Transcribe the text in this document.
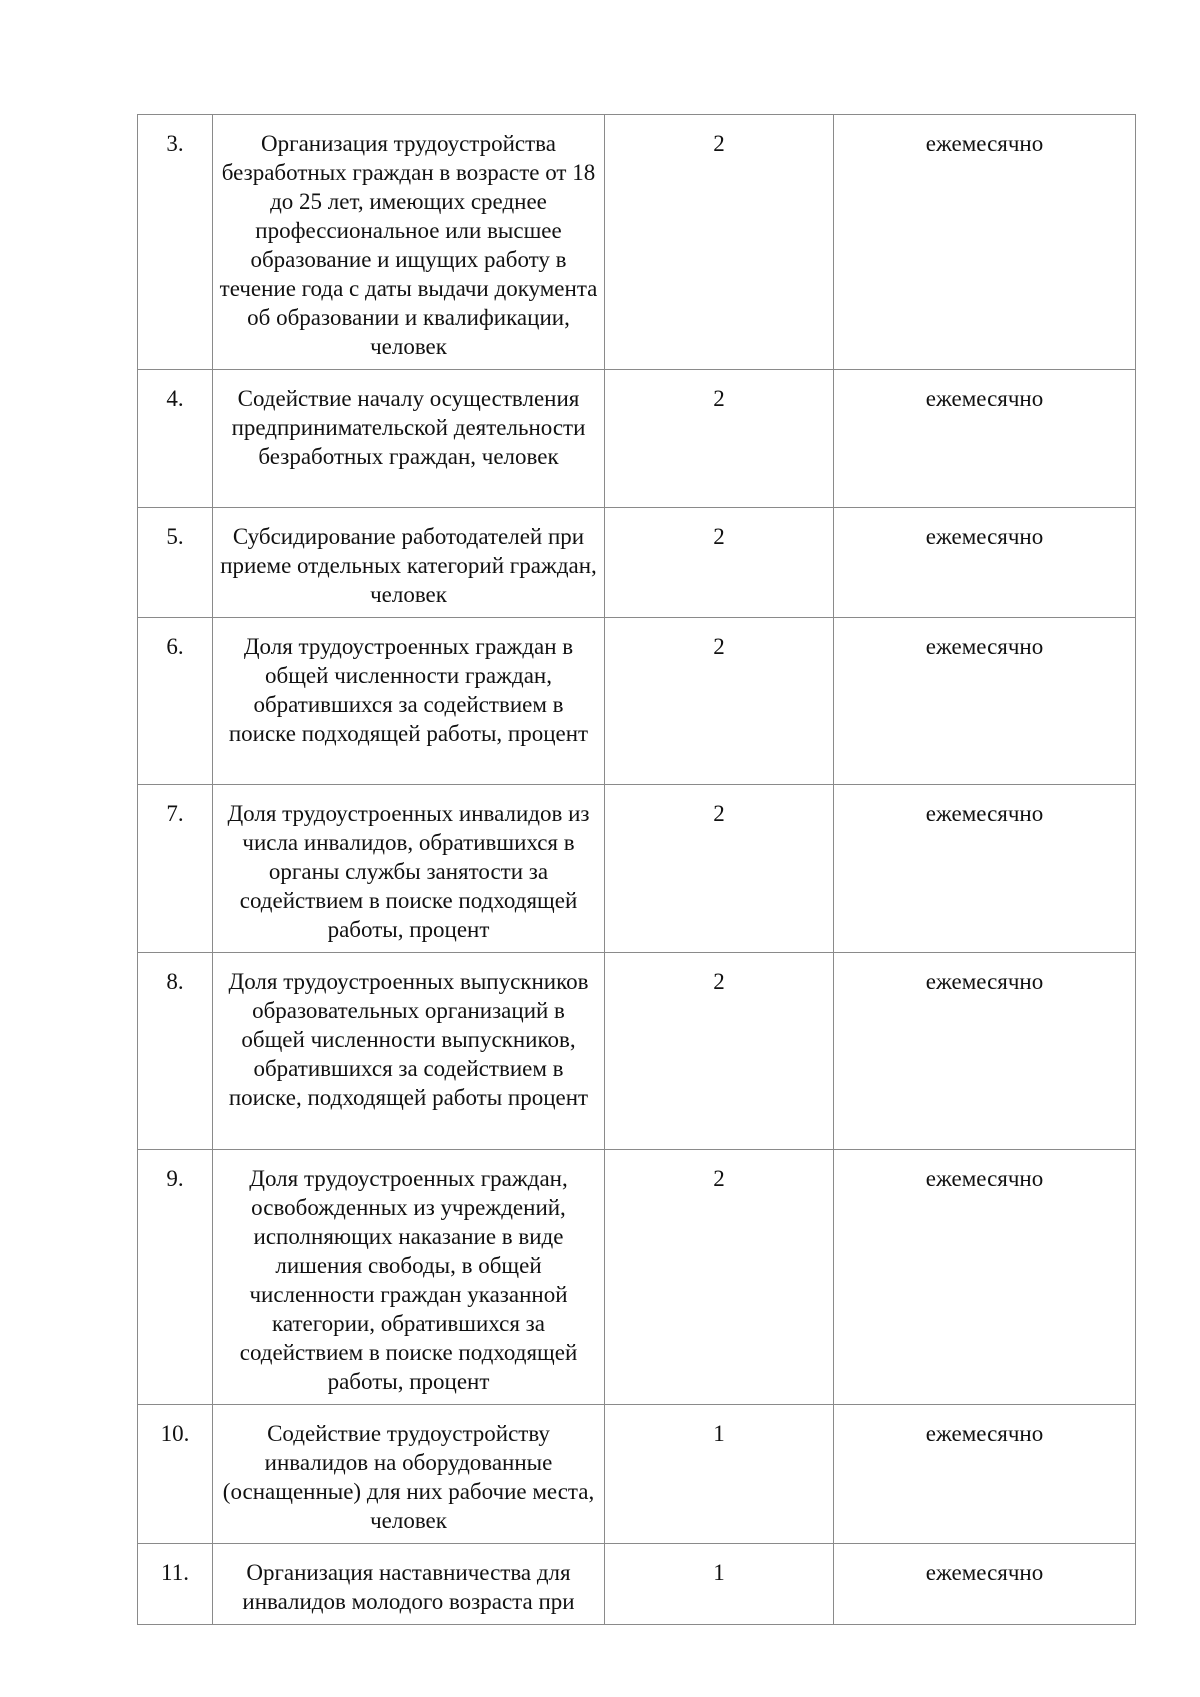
3.	Организация трудоустройства безработных граждан в возрасте от 18 до 25 лет, имеющих среднее профессиональное или высшее образование и ищущих работу в течение года с даты выдачи документа об образовании и квалификации, человек	2	ежемесячно
4.	Содействие началу осуществления предпринимательской деятельности безработных граждан, человек	2	ежемесячно
5.	Субсидирование работодателей при приеме отдельных категорий граждан, человек	2	ежемесячно
6.	Доля трудоустроенных граждан в общей численности граждан, обратившихся за содействием в поиске подходящей работы, процент	2	ежемесячно
7.	Доля трудоустроенных инвалидов из числа инвалидов, обратившихся в органы службы занятости за содействием в поиске подходящей работы, процент	2	ежемесячно
8.	Доля трудоустроенных выпускников образовательных организаций в общей численности выпускников, обратившихся за содействием в поиске, подходящей работы процент	2	ежемесячно
9.	Доля трудоустроенных граждан, освобожденных из учреждений, исполняющих наказание в виде лишения свободы, в общей численности граждан указанной категории, обратившихся за содействием в поиске подходящей работы, процент	2	ежемесячно
10.	Содействие трудоустройству инвалидов на оборудованные (оснащенные) для них рабочие места, человек	1	ежемесячно
11.	Организация наставничества для инвалидов молодого возраста при	1	ежемесячно
